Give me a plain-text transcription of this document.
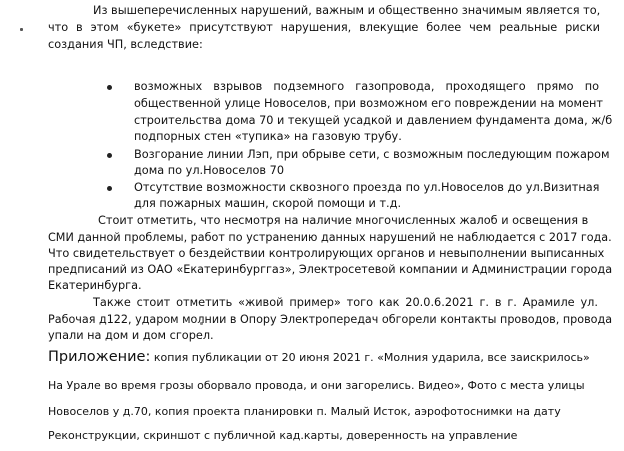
Из вышеперечисленных нарушений, важным и общественно значимым является то,

что в этом «букете» присутствуют нарушения, влекущие более чем реальные риски

создания ЧП, вследствие:

возможных взрывов подземного газопровода, проходящего прямо по

общественной улице Новоселов, при возможном его повреждении на момент

строительства дома 70 и текущей усадкой и давлением фундамента дома, ж/б

подпорных стен «тупика» на газовую трубу.

Возгорание линии Лэп, при обрыве сети, с возможным последующим пожаром

дома по ул.Новоселов 70

Отсутствие возможности сквозного проезда по ул.Новоселов до ул.Визитная

для пожарных машин, скорой помощи и т.д.

Стоит отметить, что несмотря на наличие многочисленных жалоб и освещения в

СМИ данной проблемы, работ по устранению данных нарушений не наблюдается с 2017 года.

Что свидетельствует о бездействии контролирующих органов и невыполнении выписанных

предписаний из ОАО «Екатеринбурггаз», Электросетевой компании и Администрации города

Екатеринбурга.

Также стоит отметить «живой пример» того как 20.0.6.2021 г. в г. Арамиле ул.

Рабочая д122, ударом молнии в Опору Электропередач обгорели контакты проводов, провода

упали на дом и дом сгорел.

Приложение: копия публикации от 20 июня 2021 г. «Молния ударила, все заискрилось»

На Урале во время грозы оборвало провода, и они загорелись. Видео», Фото с места улицы

Новоселов у д.70, копия проекта планировки п. Малый Исток, аэрофотоснимки на дату

Реконструкции, скриншот с публичной кад.карты, доверенность на управление
